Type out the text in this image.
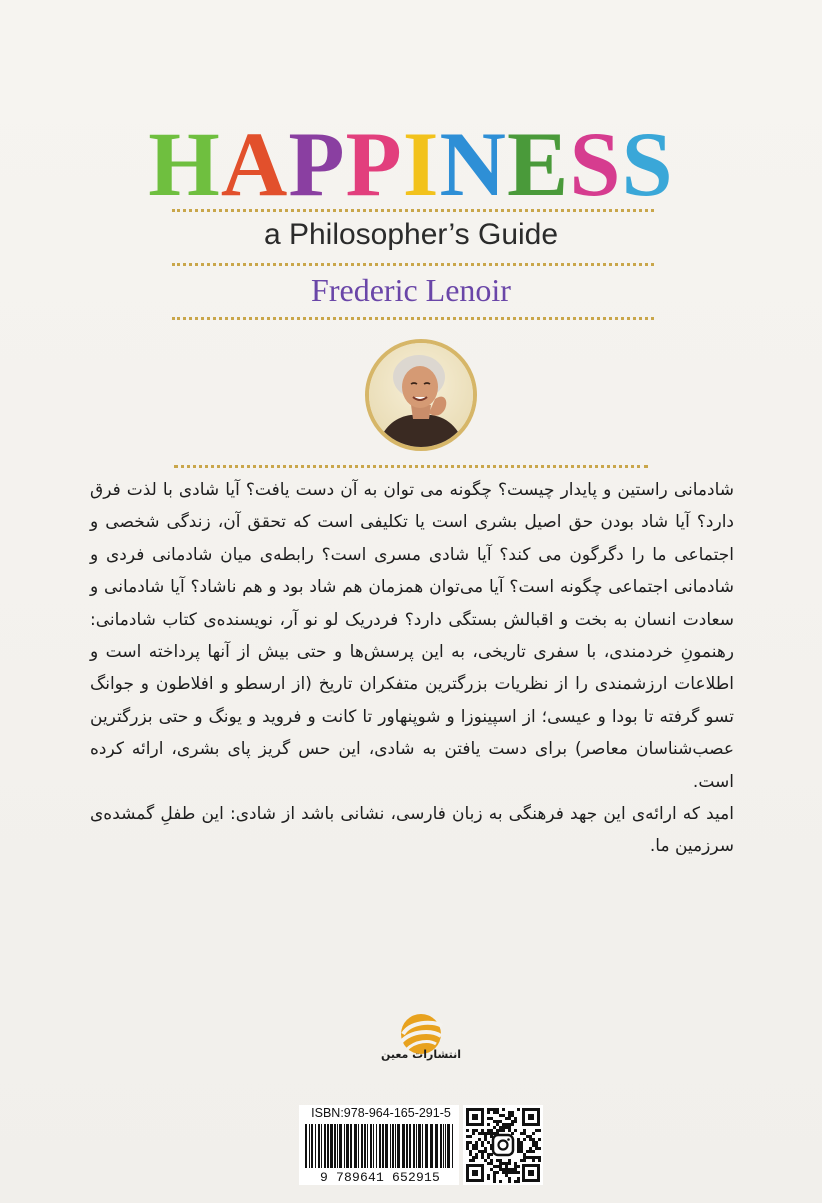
HAPPINESS
a Philosopher’s Guide
Frederic Lenoir

شادمانی راستین و پایدار چیست؟ چگونه می توان به آن دست یافت؟ آیا شادی با لذت فرق دارد؟ آیا شاد بودن حق اصیل بشری است یا تکلیفی است که تحقق آن، زندگی شخصی و اجتماعی ما را دگرگون می کند؟ آیا شادی مسری است؟ رابطه‌ی میان شادمانی فردی و شادمانی اجتماعی چگونه است؟ آیا می‌توان همزمان هم شاد بود و هم ناشاد؟ آیا شادمانی و سعادت انسان به بخت و اقبالش بستگی دارد؟ فردریک لو نو آر، نویسنده‌ی کتاب شادمانی: رهنمونِ خردمندی، با سفری تاریخی، به این پرسش‌ها و حتی بیش از آنها پرداخته است و اطلاعات ارزشمندی را از نظریات بزرگترین متفکران تاریخ (از ارسطو و افلاطون و جوانگ تسو گرفته تا بودا و عیسی؛ از اسپینوزا و شوپنهاور تا کانت و فروید و یونگ و حتی بزرگترین عصب‌شناسان معاصر) برای دست یافتن به شادی، این حس گریز پای بشری، ارائه کرده است.

امید که ارائه‌ی این جهد فرهنگی به زبان فارسی، نشانی باشد از شادی: این طفلِ گمشده‌ی سرزمین ما.

انتشارات معین
ISBN:978-964-165-291-5
9 789641 652915
